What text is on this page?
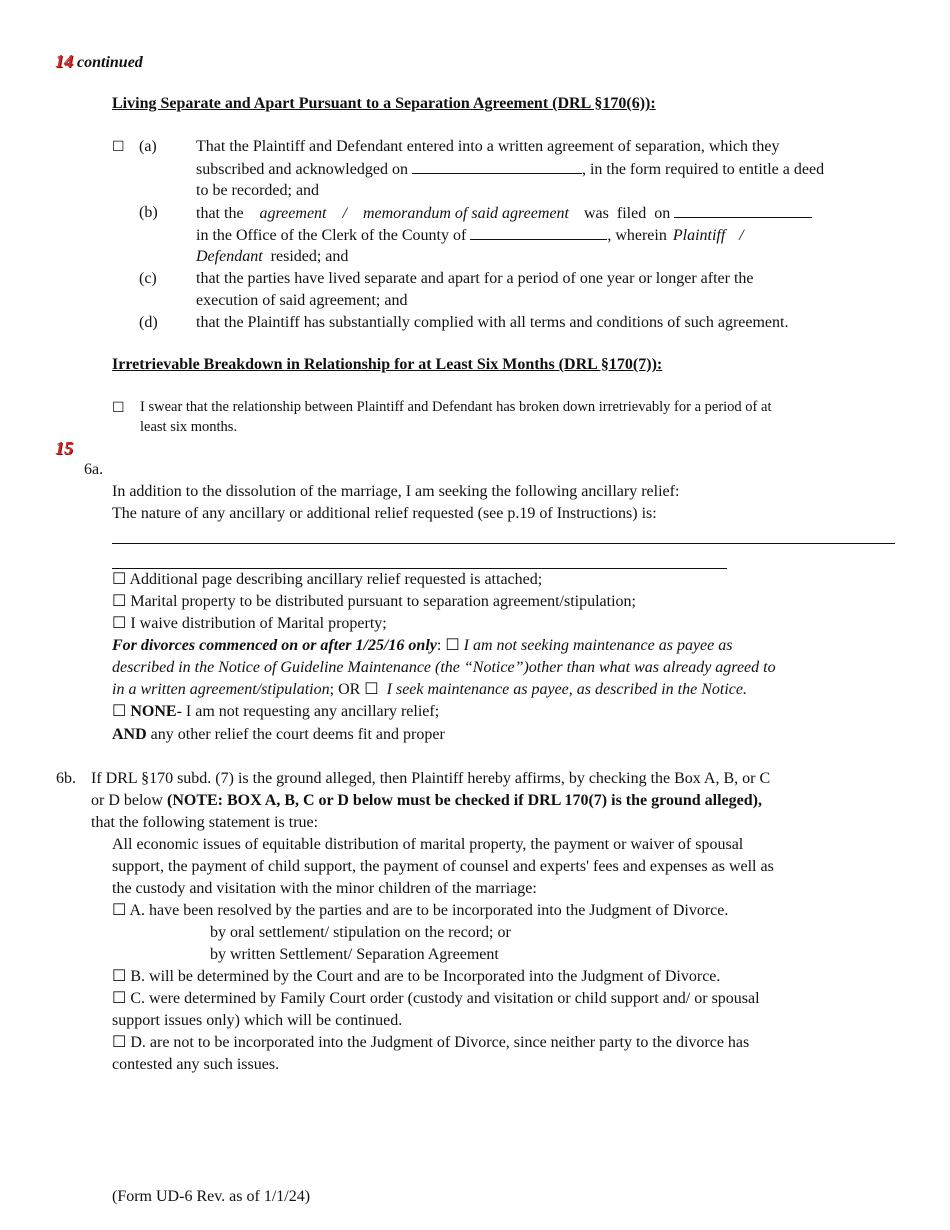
14 continued
Living Separate and Apart Pursuant to a Separation Agreement (DRL §170(6)):
☐ (a) That the Plaintiff and Defendant entered into a written agreement of separation, which they
subscribed and acknowledged on	, in the form required to entitle a deed
to be recorded; and
(b) that the agreement / memorandum of said agreement was filed on
in the Office of the Clerk of the County of	, wherein Plaintiff /
Defendant resided; and
(c) that the parties have lived separate and apart for a period of one year or longer after the
execution of said agreement; and
(d) that the Plaintiff has substantially complied with all terms and conditions of such agreement.
Irretrievable Breakdown in Relationship for at Least Six Months (DRL §170(7)):
☐ I swear that the relationship between Plaintiff and Defendant has broken down irretrievably for a period of at
least six months.
15
6a.
In addition to the dissolution of the marriage, I am seeking the following ancillary relief:
The nature of any ancillary or additional relief requested (see p.19 of Instructions) is:
☐ Additional page describing ancillary relief requested is attached;
☐ Marital property to be distributed pursuant to separation agreement/stipulation;
☐ I waive distribution of Marital property;
For divorces commenced on or after 1/25/16 only: ☐ I am not seeking maintenance as payee as
described in the Notice of Guideline Maintenance (the “Notice”)other than what was already agreed to
in a written agreement/stipulation; OR ☐ I seek maintenance as payee, as described in the Notice.
☐ NONE- I am not requesting any ancillary relief;
AND any other relief the court deems fit and proper
6b. If DRL §170 subd. (7) is the ground alleged, then Plaintiff hereby affirms, by checking the Box A, B, or C
or D below (NOTE: BOX A, B, C or D below must be checked if DRL 170(7) is the ground alleged),
that the following statement is true:
All economic issues of equitable distribution of marital property, the payment or waiver of spousal
support, the payment of child support, the payment of counsel and experts' fees and expenses as well as
the custody and visitation with the minor children of the marriage:
☐ A. have been resolved by the parties and are to be incorporated into the Judgment of Divorce.
by oral settlement/ stipulation on the record; or
by written Settlement/ Separation Agreement
☐ B. will be determined by the Court and are to be Incorporated into the Judgment of Divorce.
☐ C. were determined by Family Court order (custody and visitation or child support and/ or spousal
support issues only) which will be continued.
☐ D. are not to be incorporated into the Judgment of Divorce, since neither party to the divorce has
contested any such issues.
(Form UD-6 Rev. as of 1/1/24)
